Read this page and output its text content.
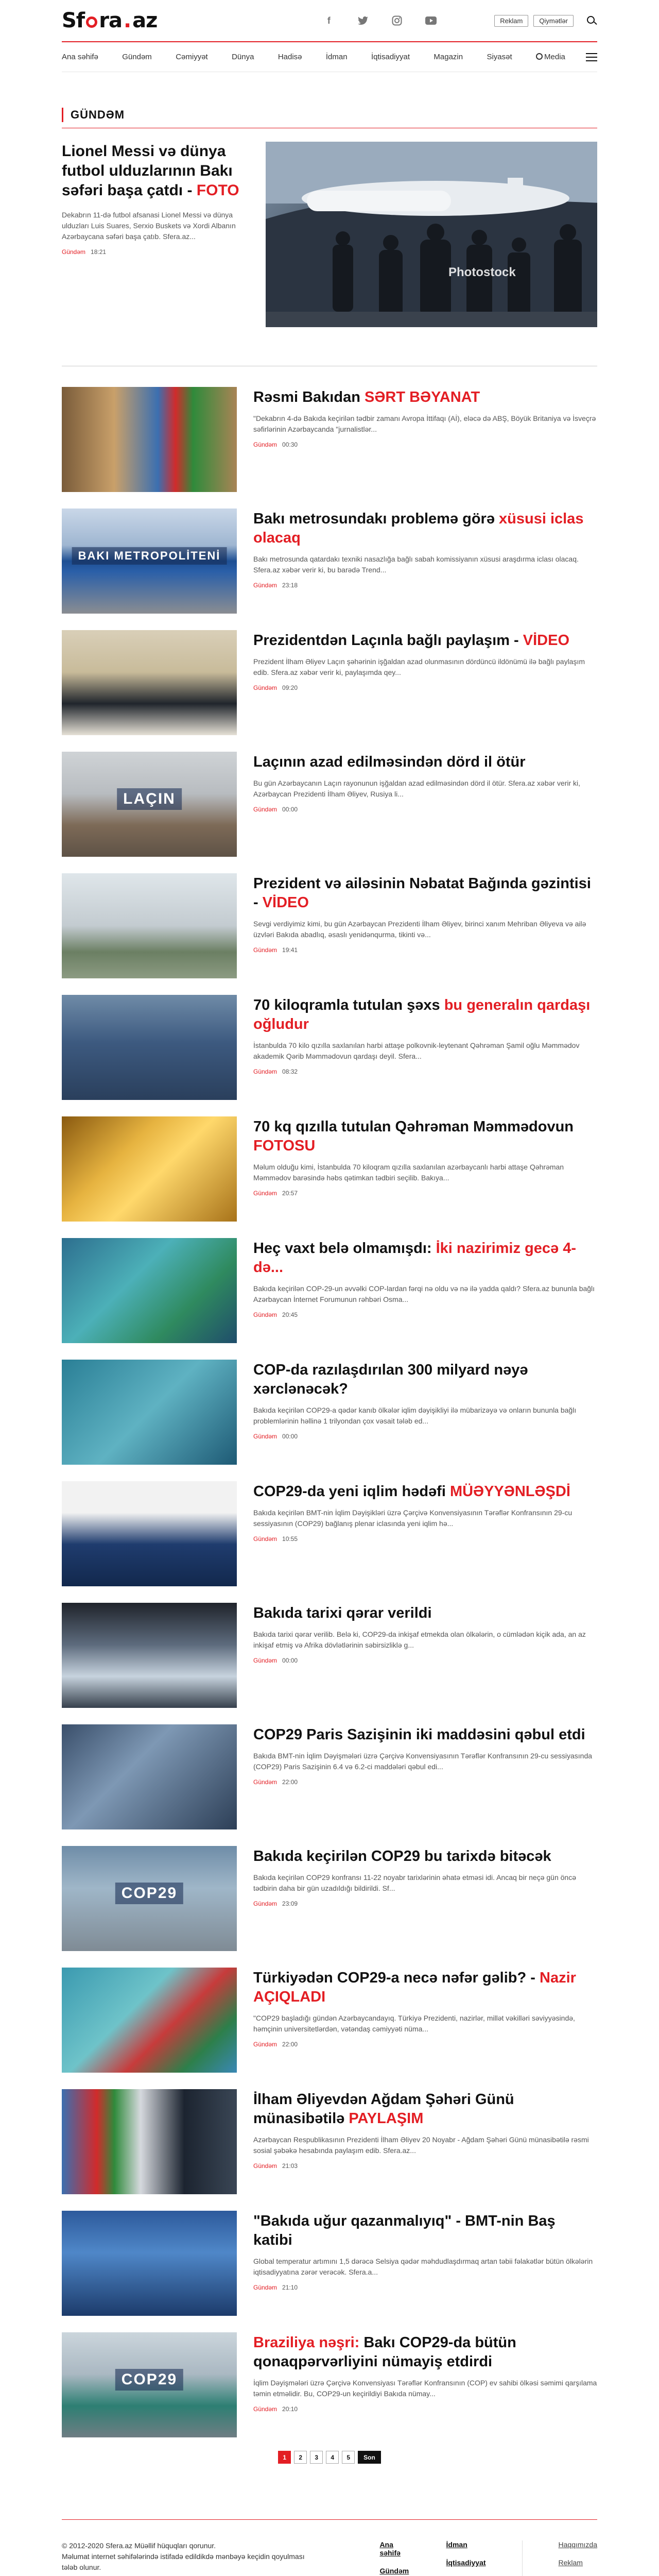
Sf ra . az	f	Reklam	Qiymətlər
Ana səhifə	Gündəm	Cəmiyyət	Dünya	Hadisə	İdman	İqtisadiyyat	Magazin	Siyasət	Media
GÜNDƏM
Lionel Messi və dünya futbol ulduzlarının Bakı səfəri başa çatdı - FOTO

Dekabrın 11-də futbol afsanasi Lionel Messi və dünya ulduzları Luis Suares, Serxio Buskets və Xordi Albanın Azərbaycana səfəri başa çatıb. Sfera.az...

Gündəm 18:21
Photostock
Rəsmi Bakıdan SƏRT BƏYANAT

"Dekabrın 4-də Bakıda keçirilən tədbir zamanı Avropa İttifaqı (Aİ), eləcə də ABŞ, Böyük Britaniya və İsveçrə səfirlərinin Azərbaycanda "jurnalistlər...

Gündəm 00:30
BAKI METROPOLİTENİ
Bakı metrosundakı problemə görə xüsusi iclas olacaq

Bakı metrosunda qatardakı texniki nasazlığa bağlı sabah komissiyanın xüsusi araşdırma iclası olacaq. Sfera.az xəbər verir ki, bu barədə Trend...

Gündəm 23:18
Prezidentdən Laçınla bağlı paylaşım - VİDEO

Prezident İlham Əliyev Laçın şəhərinin işğaldan azad olunmasının dördüncü ildönümü ilə bağlı paylaşım edib. Sfera.az xəbər verir ki, paylaşımda qey...

Gündəm 09:20
LAÇIN
Laçının azad edilməsindən dörd il ötür

Bu gün Azərbaycanın Laçın rayonunun işğaldan azad edilməsindən dörd il ötür. Sfera.az xəbər verir ki, Azərbaycan Prezidenti İlham Əliyev, Rusiya li...

Gündəm 00:00
Prezident və ailəsinin Nəbatat Bağında gəzintisi - VİDEO

Sevgi verdiyimiz kimi, bu gün Azərbaycan Prezidenti İlham Əliyev, birinci xanım Mehriban Əliyeva və ailə üzvləri Bakıda abadlıq, əsaslı yenidənqurma, tikinti və...

Gündəm 19:41
70 kiloqramla tutulan şəxs bu generalın qardaşı oğludur

İstanbulda 70 kilo qızılla saxlanılan harbi attaşe polkovnik-leytenant Qəhrəman Şamil oğlu Məmmədov akademik Qərib Məmmədovun qardaşı deyil. Sfera...

Gündəm 08:32
70 kq qızılla tutulan Qəhrəman Məmmədovun FOTOSU

Məlum olduğu kimi, İstanbulda 70 kiloqram qızılla saxlanılan azərbaycanlı harbi attaşe Qəhrəman Məmmədov barəsində həbs qətimkan tədbiri seçilib. Bakıya...

Gündəm 20:57
Heç vaxt belə olmamışdı: İki nazirimiz gecə 4-də...

Bakıda keçirilən COP-29-un əvvəlki COP-lardan fərqi nə oldu və nə ilə yadda qaldı? Sfera.az bununla bağlı Azərbaycan İnternet Forumunun rəhbəri Osma...

Gündəm 20:45
COP-da razılaşdırılan 300 milyard nəyə xərclənəcək?

Bakıda keçirilən COP29-a qədər kanıb ölkələr iqlim dəyişikliyi ilə mübarizəyə və onların bununla bağlı problemlərinin həllinə 1 trilyondan çox vəsait tələb ed...

Gündəm 00:00
COP29-da yeni iqlim hədəfi MÜƏYYƏNLƏŞDİ

Bakıda keçirilən BMT-nin İqlim Dəyişikləri üzrə Çərçivə Konvensiyasının Tərəflər Konfransının 29-cu sessiyasının (COP29) bağlanış plenar iclasında yeni iqlim hə...

Gündəm 10:55
Bakıda tarixi qərar verildi

Bakıda tarixi qərar verilib. Belə ki, COP29-da inkişaf etmekda olan ölkələrin, o cümlədən kiçik ada, an az inkişaf etmiş və Afrika dövlətlərinin səbirsizliklə g...

Gündəm 00:00
COP29 Paris Sazişinin iki maddəsini qəbul etdi

Bakıda BMT-nin İqlim Dəyişmələri üzrə Çərçivə Konvensiyasının Tərəflər Konfransının 29-cu sessiyasında (COP29) Paris Sazişinin 6.4 və 6.2-ci maddələri qəbul edi...

Gündəm 22:00
COP29
Bakıda keçirilən COP29 bu tarixdə bitəcək

Bakıda keçirilən COP29 konfransı 11-22 noyabr tarixlərinin əhatə etməsi idi. Ancaq bir neçə gün öncə tədbirin daha bir gün uzadıldığı bildirildi. Sf...

Gündəm 23:09
Türkiyədən COP29-a necə nəfər gəlib? - Nazir AÇIQLADI

"COP29 başladığı gündən Azərbaycandayıq. Türkiyə Prezidenti, nazirlər, millət vəkilləri səviyyəsində, həmçinin universitetlərdən, vətəndaş cəmiyyəti nüma...

Gündəm 22:00
İlham Əliyevdən Ağdam Şəhəri Günü münasibətilə PAYLAŞIM

Azərbaycan Respublikasının Prezidenti İlham Əliyev 20 Noyabr - Ağdam Şəhəri Günü münasibətilə rəsmi sosial şəbəkə hesabında paylaşım edib. Sfera.az...

Gündəm 21:03
"Bakıda uğur qazanmalıyıq" - BMT-nin Baş katibi

Global temperatur artımını 1,5 dərəcə Selsiya qədər məhdudlaşdırmaq artan təbii fəlakətlər bütün ölkələrin iqtisadiyyatına zərər verəcək. Sfera.a...

Gündəm 21:10
COP29
Braziliya nəşri: Bakı COP29-da bütün qonaqpərvərliyini nümayiş etdirdi

İqlim Dəyişmələri üzrə Çərçivə Konvensiyası Tərəflər Konfransının (COP) ev sahibi ölkəsi səmimi qarşılama təmin etməlidir. Bu, COP29-un keçirildiyi Bakıda nümay...

Gündəm 20:10
1	2	3	4	5	Son

© 2012-2020 Sfera.az Müəllif hüquqları qorunur.

Məlumat internet səhifələrində istifadə edildikdə mənbəyə keçidin qoyulması tələb olunur.

Ana səhifə
Gündəm
İdman
İqtisadiyyat
Haqqımızda
Reklam
